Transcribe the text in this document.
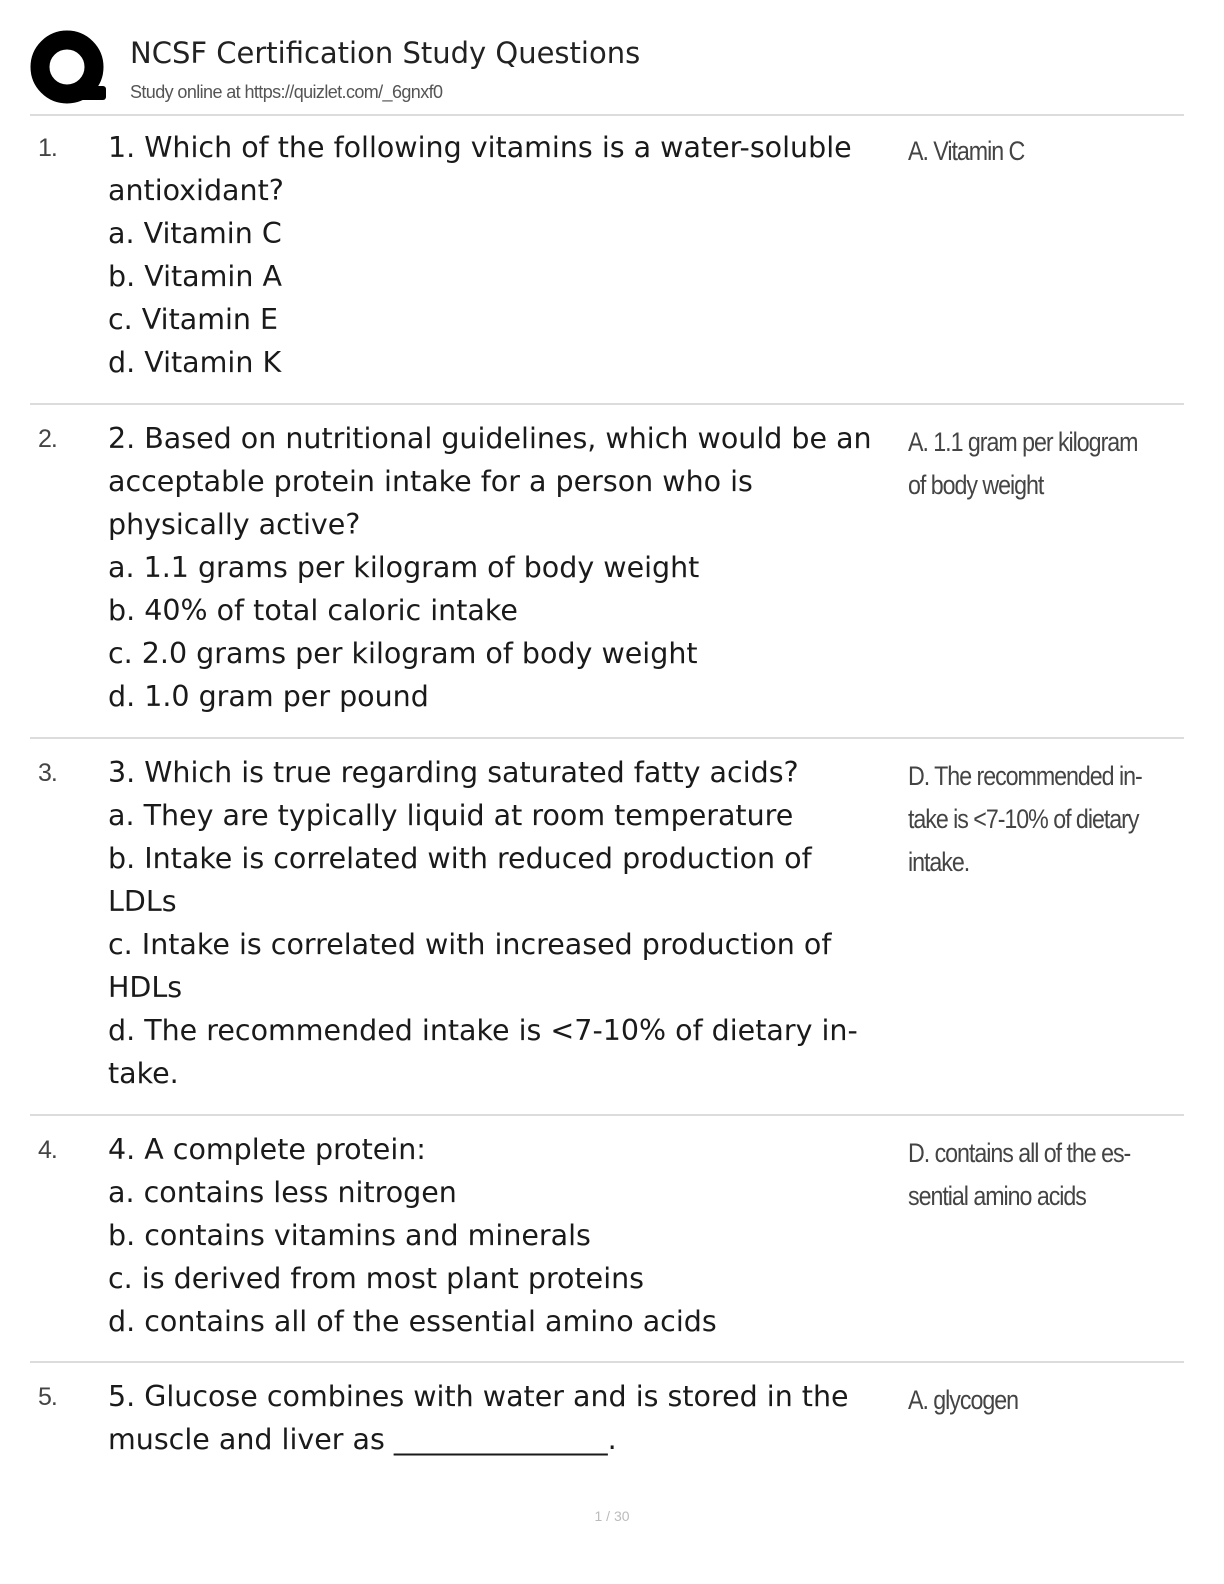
NCSF Certification Study Questions
Study online at https://quizlet.com/_6gnxf0
1. 1. Which of the following vitamins is a water-soluble
antioxidant?
a. Vitamin C
b. Vitamin A
c. Vitamin E
d. Vitamin K
A. Vitamin C
2. 2. Based on nutritional guidelines, which would be an
acceptable protein intake for a person who is
physically active?
a. 1.1 grams per kilogram of body weight
b. 40% of total caloric intake
c. 2.0 grams per kilogram of body weight
d. 1.0 gram per pound
A. 1.1 gram per kilogram
of body weight
3. 3. Which is true regarding saturated fatty acids?
a. They are typically liquid at room temperature
b. Intake is correlated with reduced production of
LDLs
c. Intake is correlated with increased production of
HDLs
d. The recommended intake is <7-10% of dietary in-
take.
D. The recommended in-
take is <7-10% of dietary
intake.
4. 4. A complete protein:
a. contains less nitrogen
b. contains vitamins and minerals
c. is derived from most plant proteins
d. contains all of the essential amino acids
D. contains all of the es-
sential amino acids
5. 5. Glucose combines with water and is stored in the
muscle and liver as _______________.
A. glycogen
1 / 30
